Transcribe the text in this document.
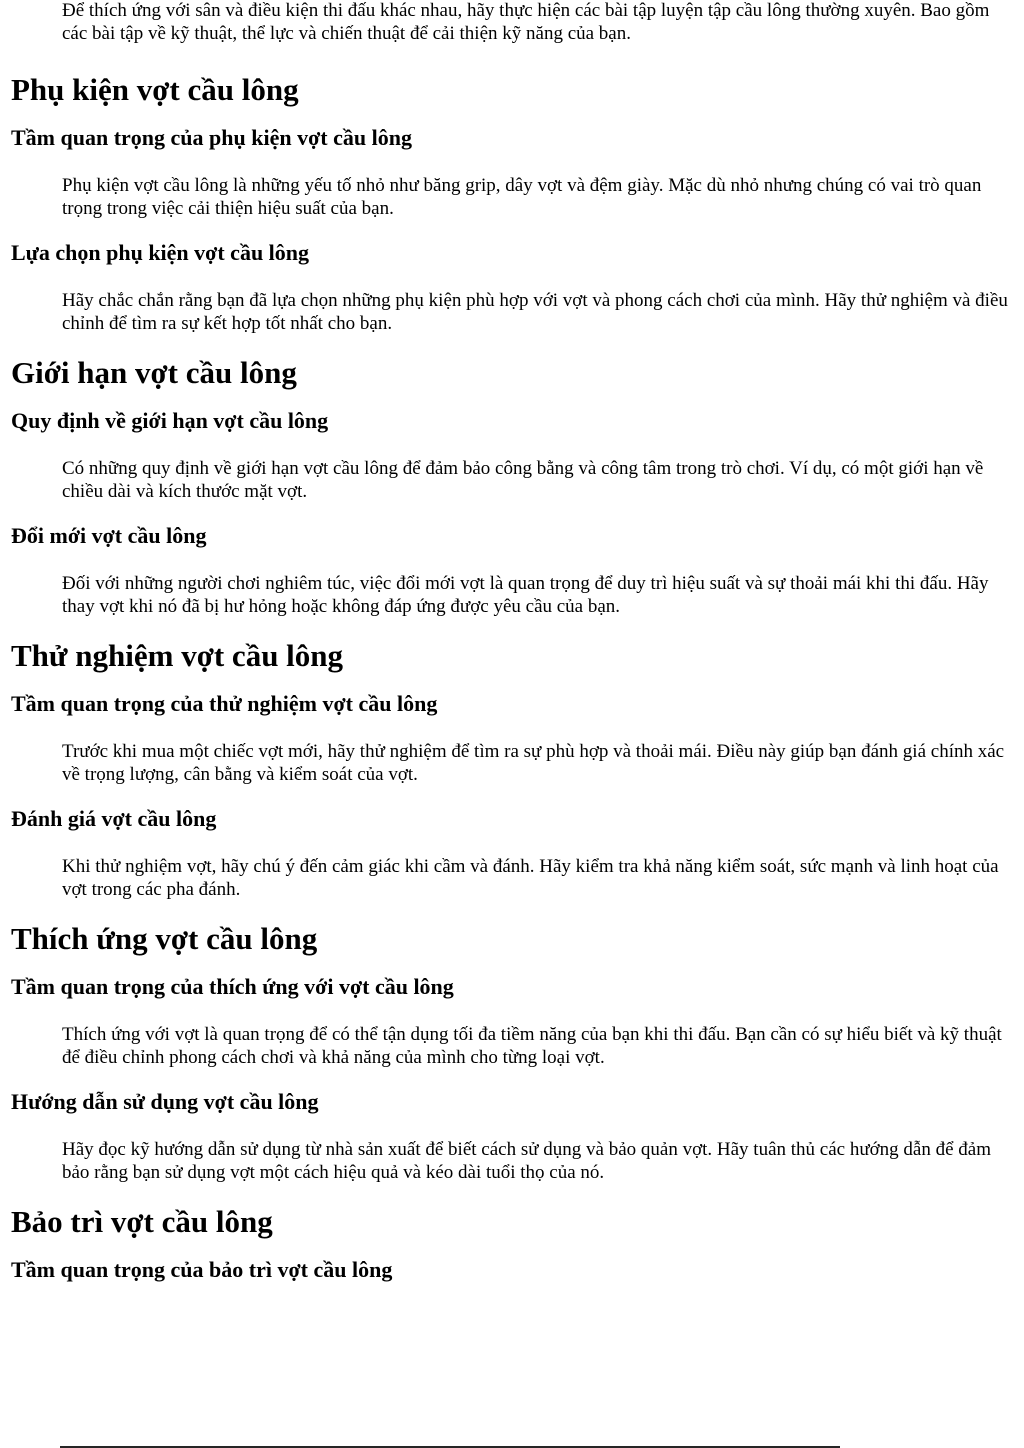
Để thích ứng với sân và điều kiện thi đấu khác nhau, hãy thực hiện các bài tập luyện tập cầu lông thường xuyên. Bao gồm các bài tập về kỹ thuật, thể lực và chiến thuật để cải thiện kỹ năng của bạn.

Phụ kiện vợt cầu lông
Tầm quan trọng của phụ kiện vợt cầu lông

Phụ kiện vợt cầu lông là những yếu tố nhỏ như băng grip, dây vợt và đệm giày. Mặc dù nhỏ nhưng chúng có vai trò quan trọng trong việc cải thiện hiệu suất của bạn.

Lựa chọn phụ kiện vợt cầu lông

Hãy chắc chắn rằng bạn đã lựa chọn những phụ kiện phù hợp với vợt và phong cách chơi của mình. Hãy thử nghiệm và điều chỉnh để tìm ra sự kết hợp tốt nhất cho bạn.

Giới hạn vợt cầu lông
Quy định về giới hạn vợt cầu lông

Có những quy định về giới hạn vợt cầu lông để đảm bảo công bằng và công tâm trong trò chơi. Ví dụ, có một giới hạn về chiều dài và kích thước mặt vợt.

Đổi mới vợt cầu lông

Đối với những người chơi nghiêm túc, việc đổi mới vợt là quan trọng để duy trì hiệu suất và sự thoải mái khi thi đấu. Hãy thay vợt khi nó đã bị hư hỏng hoặc không đáp ứng được yêu cầu của bạn.

Thử nghiệm vợt cầu lông
Tầm quan trọng của thử nghiệm vợt cầu lông

Trước khi mua một chiếc vợt mới, hãy thử nghiệm để tìm ra sự phù hợp và thoải mái. Điều này giúp bạn đánh giá chính xác về trọng lượng, cân bằng và kiểm soát của vợt.

Đánh giá vợt cầu lông

Khi thử nghiệm vợt, hãy chú ý đến cảm giác khi cầm và đánh. Hãy kiểm tra khả năng kiểm soát, sức mạnh và linh hoạt của vợt trong các pha đánh.

Thích ứng vợt cầu lông
Tầm quan trọng của thích ứng với vợt cầu lông

Thích ứng với vợt là quan trọng để có thể tận dụng tối đa tiềm năng của bạn khi thi đấu. Bạn cần có sự hiểu biết và kỹ thuật để điều chỉnh phong cách chơi và khả năng của mình cho từng loại vợt.

Hướng dẫn sử dụng vợt cầu lông

Hãy đọc kỹ hướng dẫn sử dụng từ nhà sản xuất để biết cách sử dụng và bảo quản vợt. Hãy tuân thủ các hướng dẫn để đảm bảo rằng bạn sử dụng vợt một cách hiệu quả và kéo dài tuổi thọ của nó.

Bảo trì vợt cầu lông
Tầm quan trọng của bảo trì vợt cầu lông
